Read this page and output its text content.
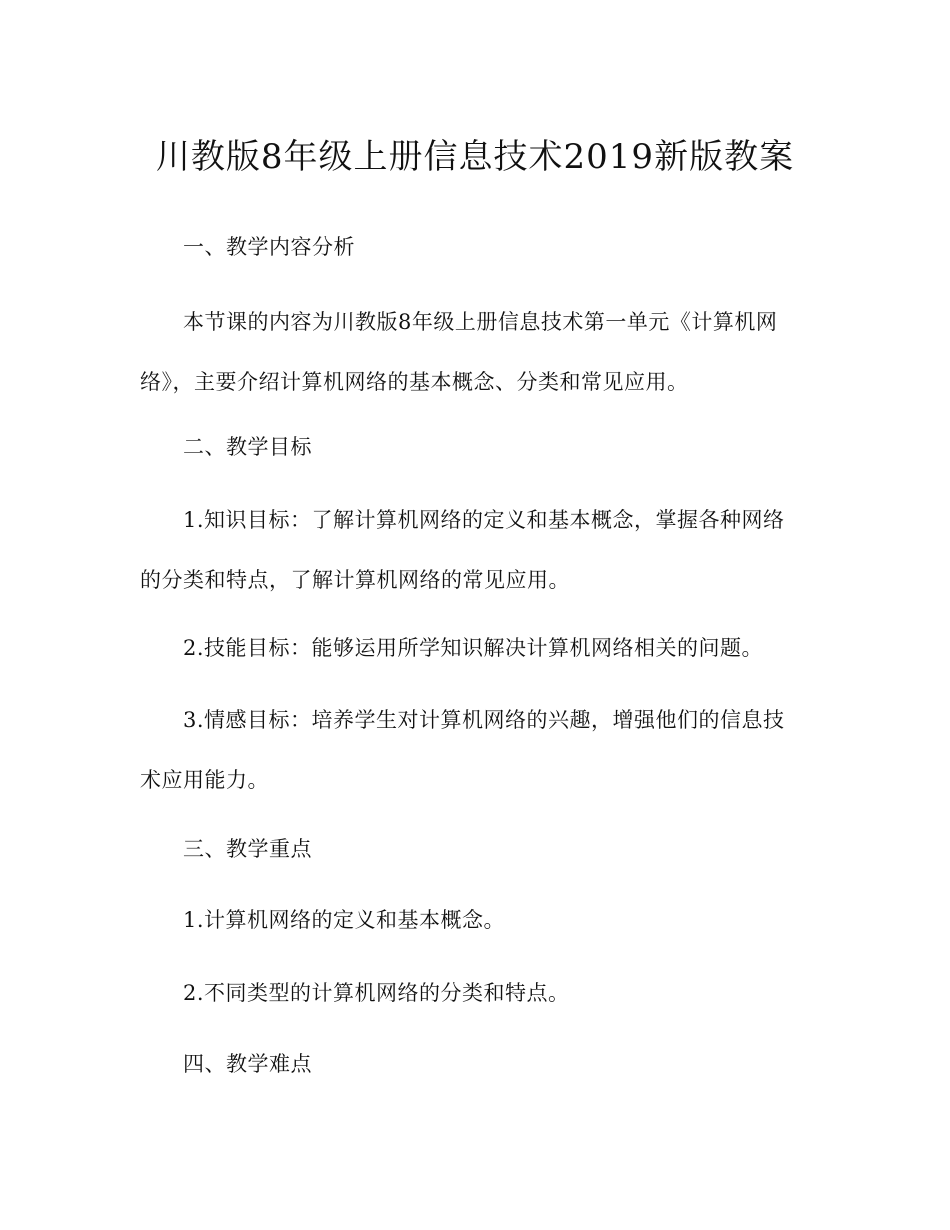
川教版8年级上册信息技术2019新版教案

一、教学内容分析

本节课的内容为川教版8年级上册信息技术第一单元《计算机网络》，主要介绍计算机网络的基本概念、分类和常见应用。

二、教学目标

1.知识目标：了解计算机网络的定义和基本概念，掌握各种网络的分类和特点，了解计算机网络的常见应用。

2.技能目标：能够运用所学知识解决计算机网络相关的问题。

3.情感目标：培养学生对计算机网络的兴趣，增强他们的信息技术应用能力。

三、教学重点

1.计算机网络的定义和基本概念。

2.不同类型的计算机网络的分类和特点。

四、教学难点
